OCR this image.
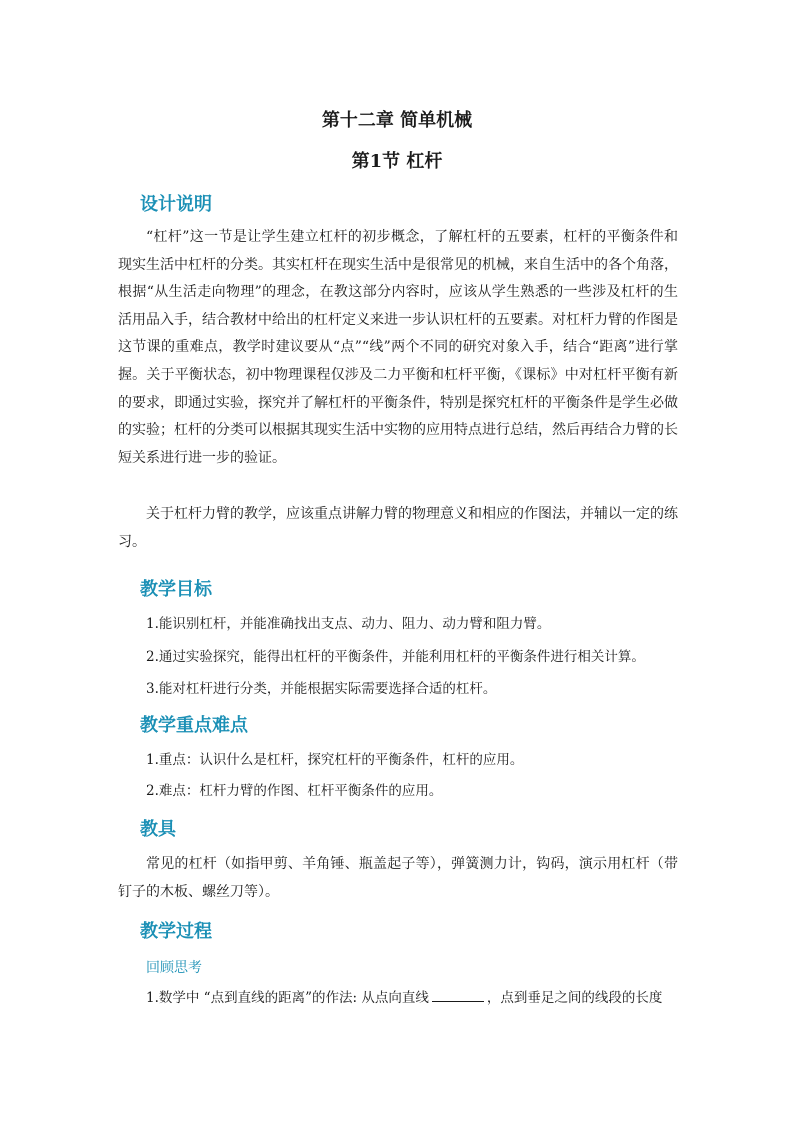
第十二章 简单机械
第1节 杠杆
设计说明

“杠杆”这一节是让学生建立杠杆的初步概念，了解杠杆的五要素，杠杆的平衡条件和现实生活中杠杆的分类。其实杠杆在现实生活中是很常见的机械，来自生活中的各个角落，根据“从生活走向物理”的理念，在教这部分内容时，应该从学生熟悉的一些涉及杠杆的生活用品入手，结合教材中给出的杠杆定义来进一步认识杠杆的五要素。对杠杆力臂的作图是这节课的重难点，教学时建议要从“点”“线”两个不同的研究对象入手，结合“距离”进行掌握。关于平衡状态，初中物理课程仅涉及二力平衡和杠杆平衡，《课标》中对杠杆平衡有新的要求，即通过实验，探究并了解杠杆的平衡条件，特别是探究杠杆的平衡条件是学生必做的实验；杠杆的分类可以根据其现实生活中实物的应用特点进行总结，然后再结合力臂的长短关系进行进一步的验证。

关于杠杆力臂的教学，应该重点讲解力臂的物理意义和相应的作图法，并辅以一定的练习。

教学目标
1.能识别杠杆，并能准确找出支点、动力、阻力、动力臂和阻力臂。
2.通过实验探究，能得出杠杆的平衡条件，并能利用杠杆的平衡条件进行相关计算。
3.能对杠杆进行分类，并能根据实际需要选择合适的杠杆。
教学重点难点
1.重点：认识什么是杠杆，探究杠杆的平衡条件，杠杆的应用。
2.难点：杠杆力臂的作图、杠杆平衡条件的应用。
教具

常见的杠杆（如指甲剪、羊角锤、瓶盖起子等），弹簧测力计，钩码，演示用杠杆（带钉子的木板、螺丝刀等）。

教学过程
回顾思考
1.数学中 “点到直线的距离”的作法: 从点向直线	，点到垂足之间的线段的长度
